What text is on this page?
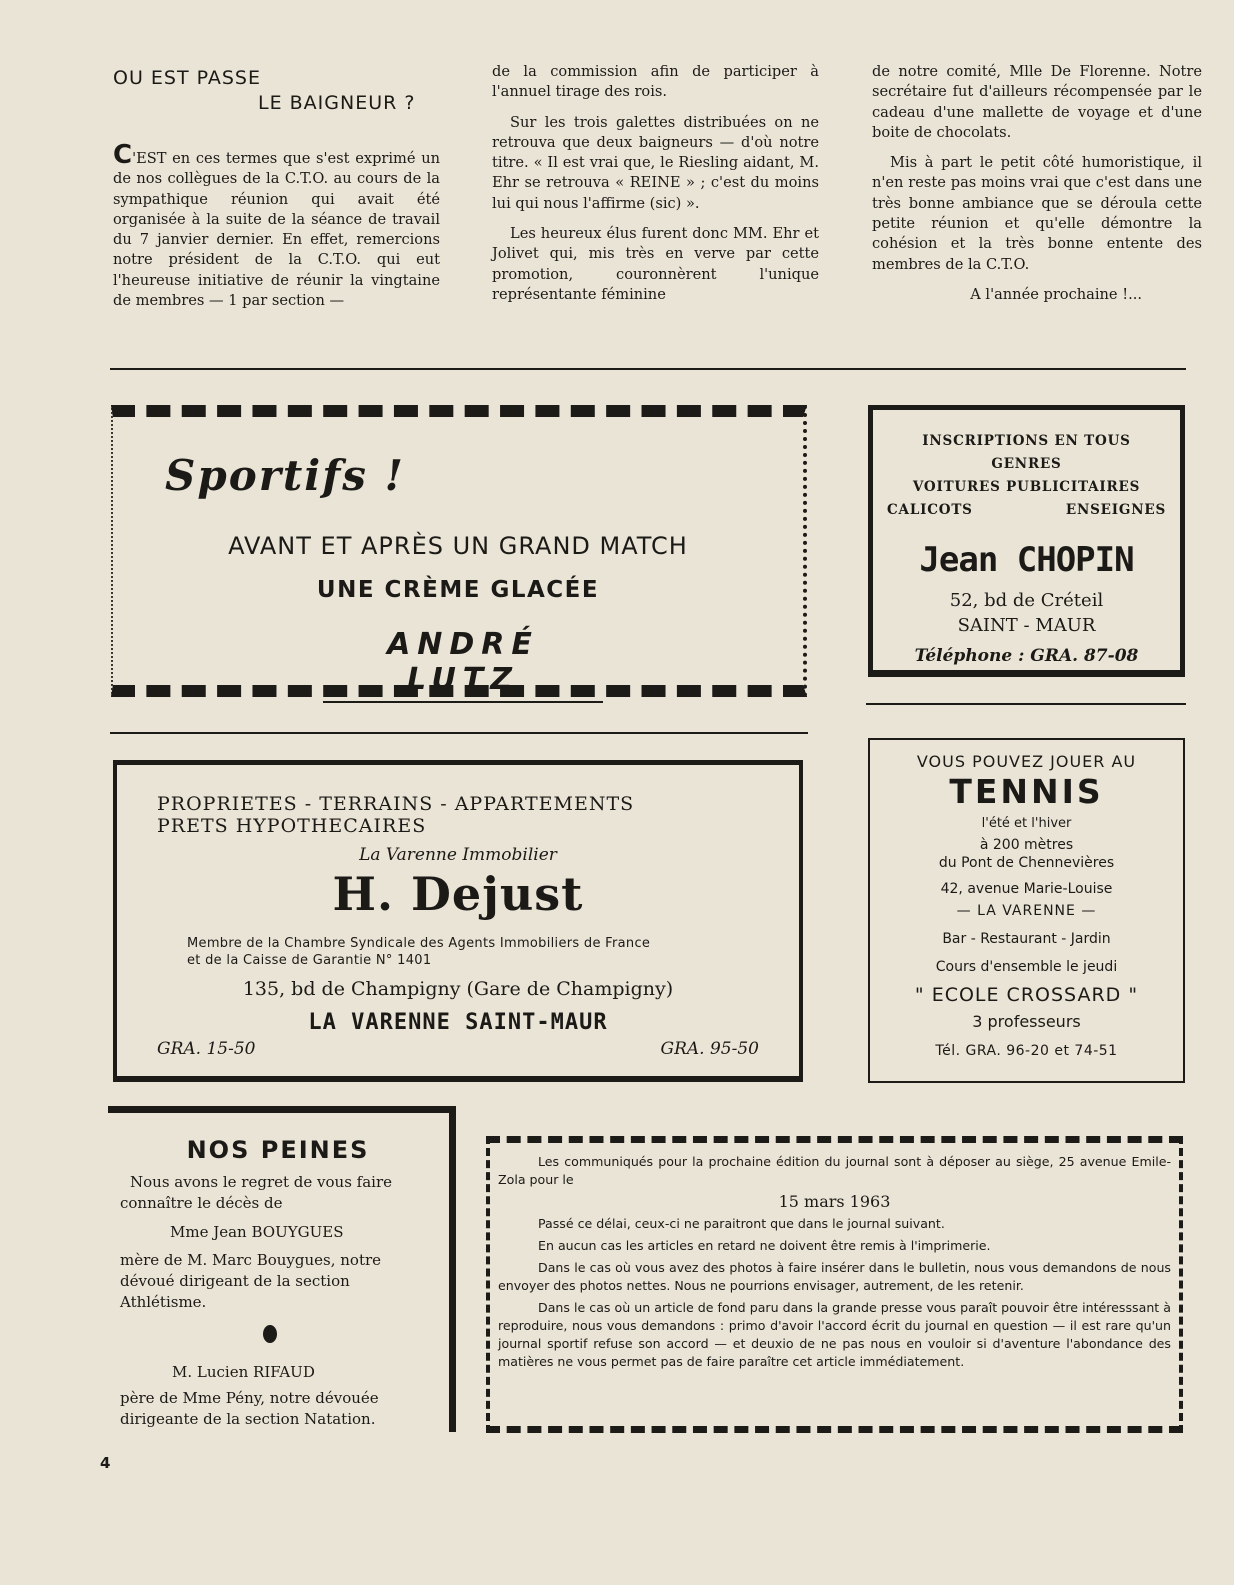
OU EST PASSE
LE BAIGNEUR ?

C'EST en ces termes que s'est exprimé un de nos collègues de la C.T.O. au cours de la sympathique réunion qui avait été organisée à la suite de la séance de travail du 7 janvier dernier. En effet, remercions notre président de la C.T.O. qui eut l'heureuse initiative de réunir la vingtaine de membres — 1 par section —

de la commission afin de participer à l'annuel tirage des rois.

Sur les trois galettes distribuées on ne retrouva que deux baigneurs — d'où notre titre. « Il est vrai que, le Riesling aidant, M. Ehr se retrouva « REINE » ; c'est du moins lui qui nous l'affirme (sic) ».

Les heureux élus furent donc MM. Ehr et Jolivet qui, mis très en verve par cette promotion, couronnèrent l'unique représentante féminine

de notre comité, Mlle De Florenne. Notre secrétaire fut d'ailleurs récompensée par le cadeau d'une mallette de voyage et d'une boite de chocolats.

Mis à part le petit côté humoristique, il n'en reste pas moins vrai que c'est dans une très bonne ambiance que se déroula cette petite réunion et qu'elle démontre la cohésion et la très bonne entente des membres de la C.T.O.

A l'année prochaine !...

Sportifs !
AVANT ET APRÈS UN GRAND MATCH
UNE CRÈME GLACÉE
ANDRÉ LUTZ
INSCRIPTIONS EN TOUS GENRES
VOITURES PUBLICITAIRES
CALICOTS	ENSEIGNES
Jean CHOPIN
52, bd de Créteil
SAINT - MAUR
Téléphone : GRA. 87-08
PROPRIETES - TERRAINS - APPARTEMENTS
PRETS HYPOTHECAIRES
La Varenne Immobilier
H. Dejust
Membre de la Chambre Syndicale des Agents Immobiliers de France
et de la Caisse de Garantie N° 1401
135, bd de Champigny (Gare de Champigny)
LA VARENNE SAINT-MAUR
GRA. 15-50	GRA. 95-50
VOUS POUVEZ JOUER AU
TENNIS
l'été et l'hiver
à 200 mètres
du Pont de Chennevières
42, avenue Marie-Louise
— LA VARENNE —
Bar - Restaurant - Jardin
Cours d'ensemble le jeudi
" ECOLE CROSSARD "
3 professeurs
Tél. GRA. 96-20 et 74-51
NOS PEINES

Nous avons le regret de vous faire connaître le décès de

Mme Jean BOUYGUES
mère de M. Marc Bouygues, notre dévoué dirigeant de la section Athlétisme.
M. Lucien RIFAUD
père de Mme Pény, notre dévouée dirigeante de la section Natation.

Les communiqués pour la prochaine édition du journal sont à déposer au siège, 25 avenue Emile-Zola pour le

15 mars 1963

Passé ce délai, ceux-ci ne paraitront que dans le journal suivant.

En aucun cas les articles en retard ne doivent être remis à l'imprimerie.

Dans le cas où vous avez des photos à faire insérer dans le bulletin, nous vous demandons de nous envoyer des photos nettes. Nous ne pourrions envisager, autrement, de les retenir.

Dans le cas où un article de fond paru dans la grande presse vous paraît pouvoir être intéresssant à reproduire, nous vous demandons : primo d'avoir l'accord écrit du journal en question — il est rare qu'un journal sportif refuse son accord — et deuxio de ne pas nous en vouloir si d'aventure l'abondance des matières ne vous permet pas de faire paraître cet article immédiatement.

4
